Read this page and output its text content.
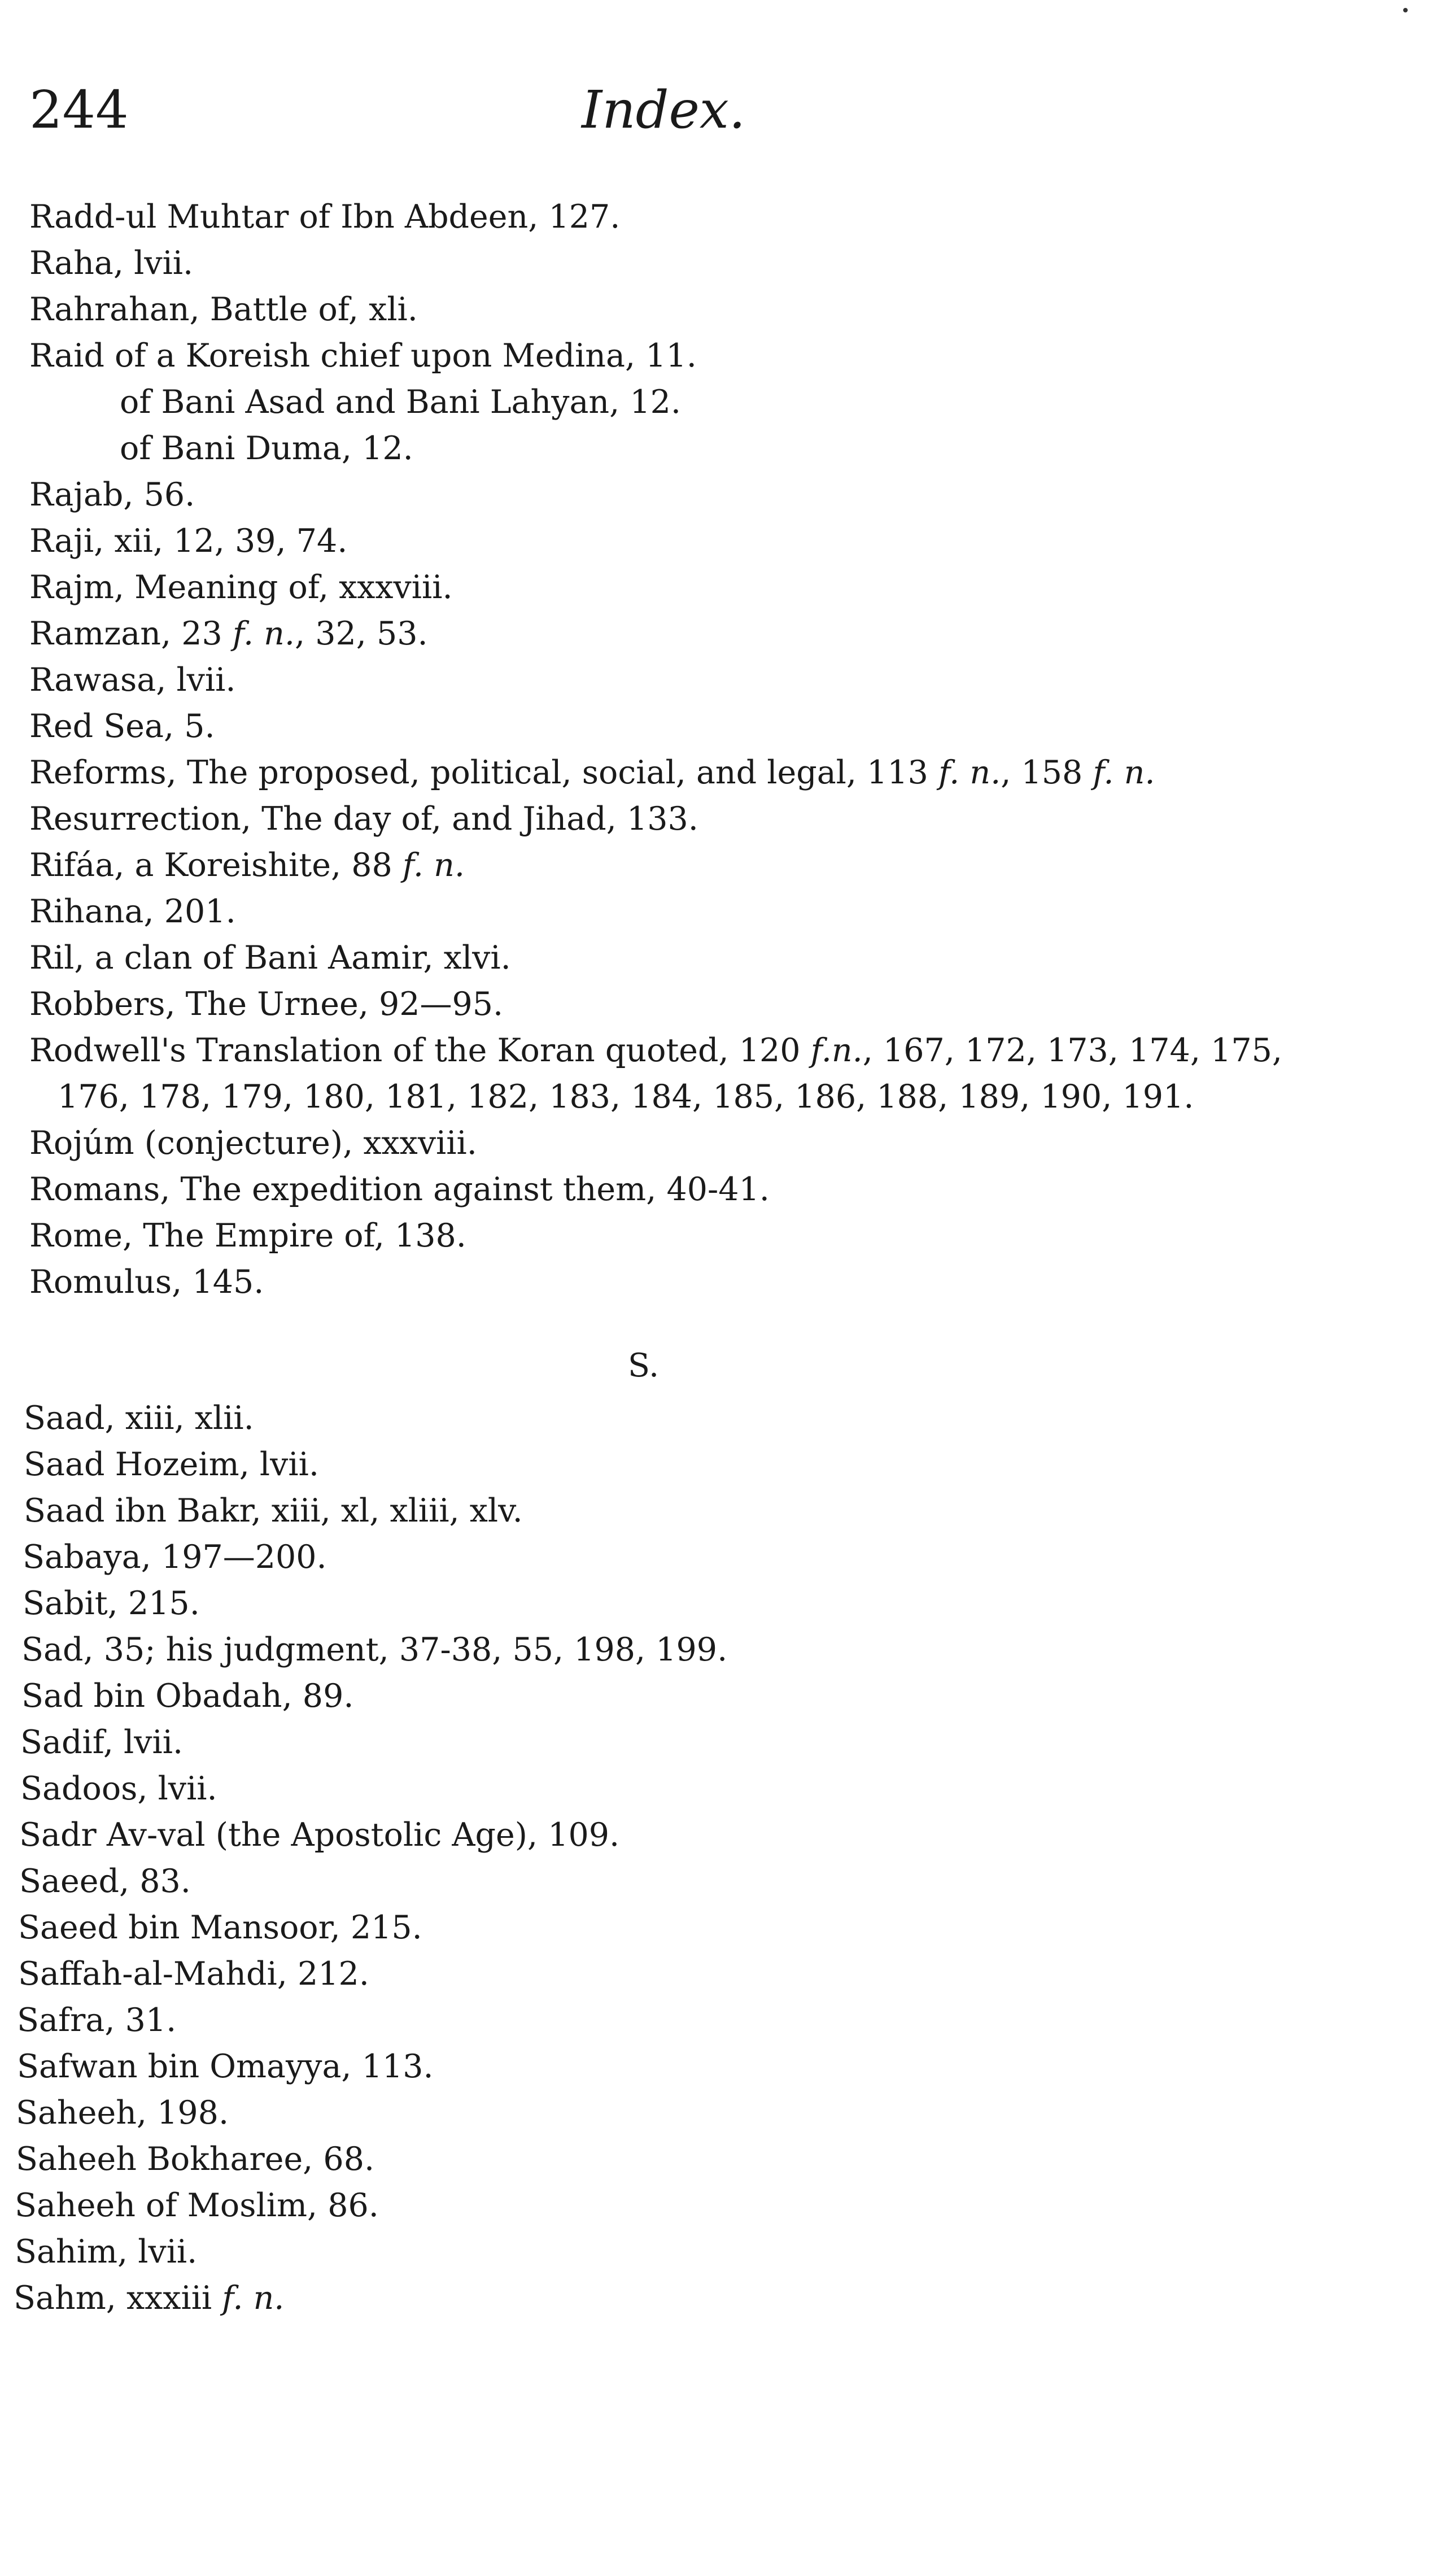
244	Index.
Radd-ul Muhtar of Ibn Abdeen, 127.
Raha, lvii.
Rahrahan, Battle of, xli.
Raid of a Koreish chief upon Medina, 11.
of Bani Asad and Bani Lahyan, 12.
of Bani Duma, 12.
Rajab, 56.
Raji, xii, 12, 39, 74.
Rajm, Meaning of, xxxviii.
Ramzan, 23 f. n., 32, 53.
Rawasa, lvii.
Red Sea, 5.
Reforms, The proposed, political, social, and legal, 113 f. n., 158 f. n.
Resurrection, The day of, and Jihad, 133.
Rifáa, a Koreishite, 88 f. n.
Rihana, 201.
Ril, a clan of Bani Aamir, xlvi.
Robbers, The Urnee, 92—95.
Rodwell's Translation of the Koran quoted, 120 f.n., 167, 172, 173, 174, 175,
176, 178, 179, 180, 181, 182, 183, 184, 185, 186, 188, 189, 190, 191.
Rojúm (conjecture), xxxviii.
Romans, The expedition against them, 40-41.
Rome, The Empire of, 138.
Romulus, 145.
S.
Saad, xiii, xlii.
Saad Hozeim, lvii.
Saad ibn Bakr, xiii, xl, xliii, xlv.
Sabaya, 197—200.
Sabit, 215.
Sad, 35; his judgment, 37-38, 55, 198, 199.
Sad bin Obadah, 89.
Sadif, lvii.
Sadoos, lvii.
Sadr Av-val (the Apostolic Age), 109.
Saeed, 83.
Saeed bin Mansoor, 215.
Saffah-al-Mahdi, 212.
Safra, 31.
Safwan bin Omayya, 113.
Saheeh, 198.
Saheeh Bokharee, 68.
Saheeh of Moslim, 86.
Sahim, lvii.
Sahm, xxxiii f. n.
